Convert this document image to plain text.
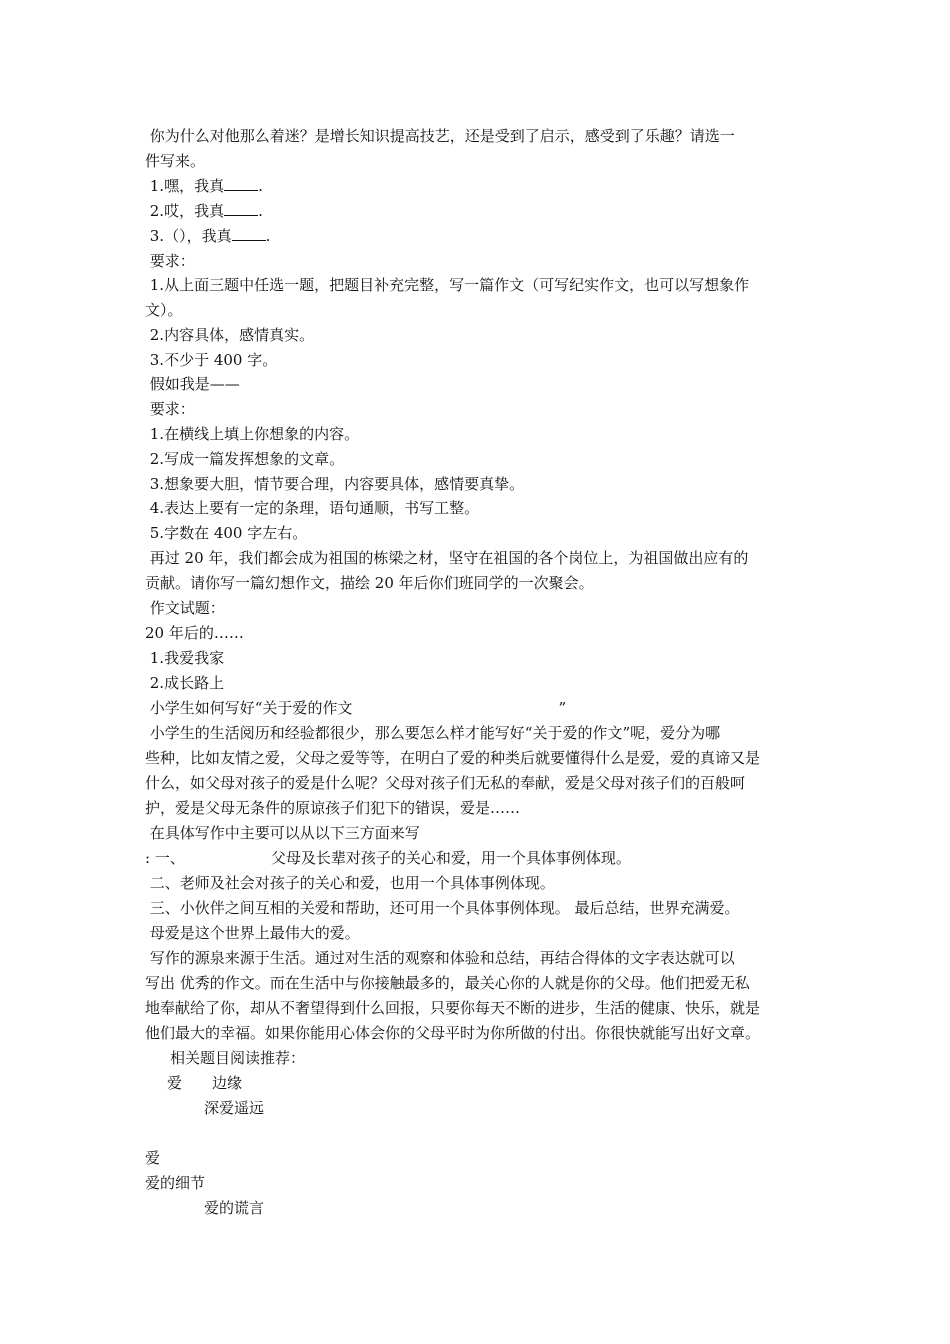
你为什么对他那么着迷？是增长知识提高技艺，还是受到了启示，感受到了乐趣？请选一
件写来。
1.嘿，我真 .
2.哎，我真 .
3.（），我真 .
要求：
1.从上面三题中任选一题，把题目补充完整，写一篇作文（可写纪实作文，也可以写想象作
文）。
2.内容具体，感情真实。
3.不少于 400 字。
假如我是——
要求：
1.在横线上填上你想象的内容。
2.写成一篇发挥想象的文章。
3.想象要大胆，情节要合理，内容要具体，感情要真挚。
4.表达上要有一定的条理，语句通顺，书写工整。
5.字数在 400 字左右。
再过 20 年，我们都会成为祖国的栋梁之材，坚守在祖国的各个岗位上，为祖国做出应有的
贡献。请你写一篇幻想作文，描绘 20 年后你们班同学的一次聚会。
作文试题：
20 年后的……
1.我爱我家
2.成长路上
小学生如何写好“关于爱的作文	”
小学生的生活阅历和经验都很少，那么要怎么样才能写好“关于爱的作文”呢，爱分为哪
些种，比如友情之爱，父母之爱等等，在明白了爱的种类后就要懂得什么是爱，爱的真谛又是
什么，如父母对孩子的爱是什么呢？父母对孩子们无私的奉献，爱是父母对孩子们的百般呵
护，爱是父母无条件的原谅孩子们犯下的错误，爱是……
在具体写作中主要可以从以下三方面来写
: 一、	父母及长辈对孩子的关心和爱，用一个具体事例体现。
二、老师及社会对孩子的关心和爱，也用一个具体事例体现。
三、小伙伴之间互相的关爱和帮助，还可用一个具体事例体现。 最后总结，世界充满爱。
母爱是这个世界上最伟大的爱。
写作的源泉来源于生活。通过对生活的观察和体验和总结，再结合得体的文字表达就可以
写出 优秀的作文。而在生活中与你接触最多的，最关心你的人就是你的父母。他们把爱无私
地奉献给了你，却从不奢望得到什么回报，只要你每天不断的进步，生活的健康、快乐，就是
他们最大的幸福。如果你能用心体会你的父母平时为你所做的付出。你很快就能写出好文章。
相关题目阅读推荐：
爱 边缘
深爱遥远
爱
爱的细节
爱的谎言
